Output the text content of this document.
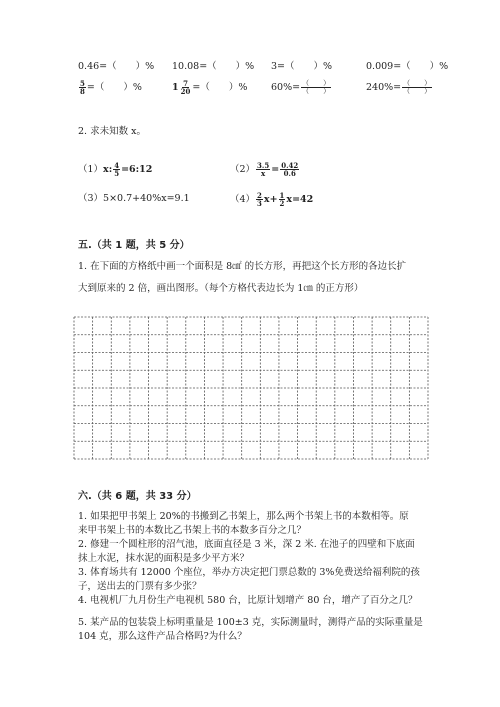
0.46=（　　）% 10.08=（　　）% 3=（　　）%	0.009=（　　）%
$\frac{5}{8}$ =（　　）%	$1 \frac{7}{20}$ =（　　）% $60\%= \frac{( )}{( )}$	$240\%= \frac{( )}{( )}$
2. 求未知数 x。
（1）x: $\frac{4}{5}$ =6:12	$(2) \frac{3.5}{x} = \frac{0.42}{0.6}$
（3）5×0.7+40%x=9.1	$(4) \frac{2}{3} x+ \frac{1}{2} x=42$
五.（共 1 题，共 5 分）
1. 在下面的方格纸中画一个面积是 8㎠ 的长方形，再把这个长方形的各边长扩
大到原来的 2 倍，画出图形。（每个方格代表边长为 1㎝ 的正方形）
六.（共 6 题，共 33 分）
1. 如果把甲书架上 20%的书搬到乙书架上，那么两个书架上书的本数相等。原
来甲书架上书的本数比乙书架上书的本数多百分之几？
2. 修建一个圆柱形的沼气池，底面直径是 3 米，深 2 米. 在池子的四壁和下底面
抹上水泥，抹水泥的面积是多少平方米？
3. 体育场共有 12000 个座位，举办方决定把门票总数的 3%免费送给福利院的孩
子，送出去的门票有多少张？
4. 电视机厂九月份生产电视机 580 台，比原计划增产 80 台，增产了百分之几？
5. 某产品的包装袋上标明重量是 100±3 克，实际测量时，测得产品的实际重量是
104 克，那么这件产品合格吗?为什么？
